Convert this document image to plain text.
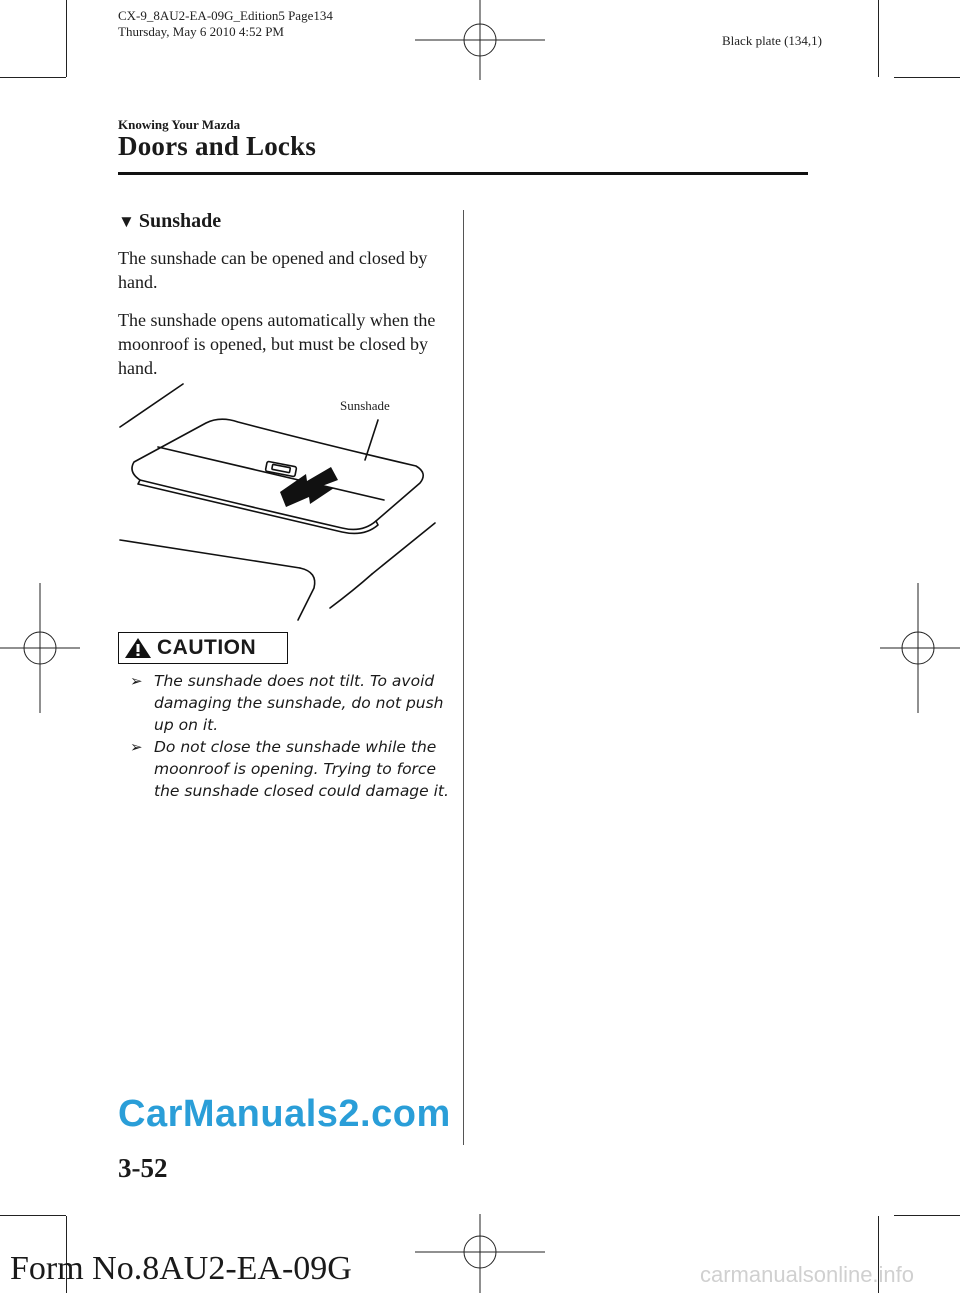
CX-9_8AU2-EA-09G_Edition5 Page134
Thursday, May 6 2010 4:52 PM
Black plate (134,1)
Knowing Your Mazda
Doors and Locks
▼ Sunshade
The sunshade can be opened and closed by hand.
The sunshade opens automatically when the moonroof is opened, but must be closed by hand.
Sunshade
CAUTION
➢ The sunshade does not tilt. To avoid damaging the sunshade, do not push up on it.
➢ Do not close the sunshade while the moonroof is opening. Trying to force the sunshade closed could damage it.
CarManuals2.com
3-52
Form No.8AU2-EA-09G	carmanualsonline.info
